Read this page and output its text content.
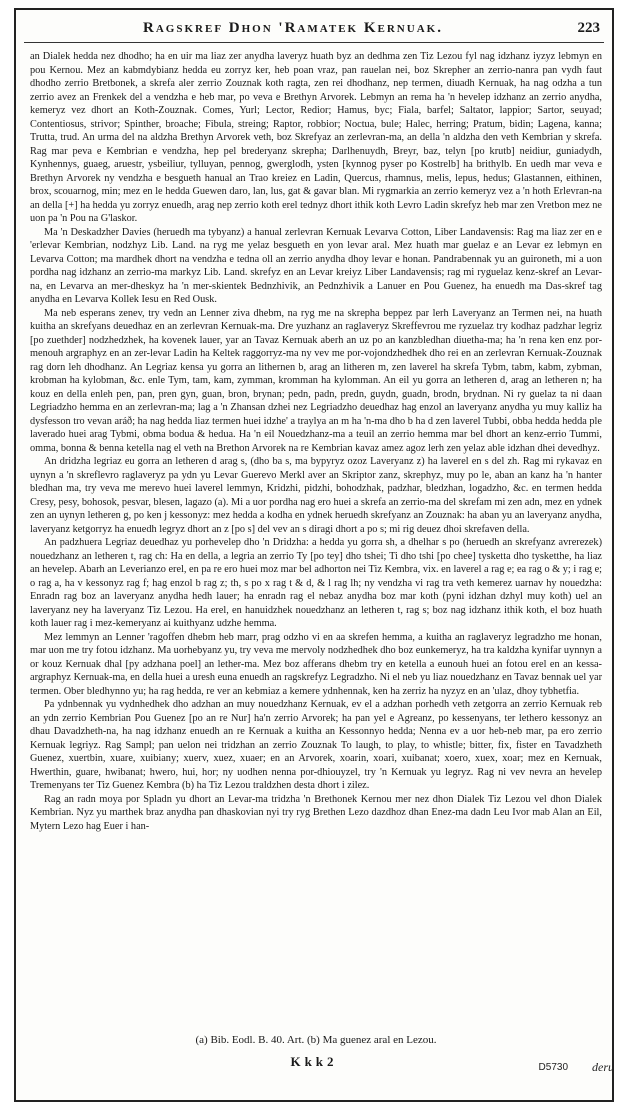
Ragskref Dhon 'Ramatek Kernuak.	223

an Dialek hedda nez dhodho; ha en uir ma liaz zer anydha laveryz huath byz an dedhma zen Tiz Lezou fyl nag idzhanz iyzyz lebmyn en pou Kernou. Mez an kabmdybianz hedda eu zorryz ker, heb poan vraz, pan rauelan nei, boz Skrepher an zerrio-nanra pan vydh faut dhodho zerrio Bretbonek, a skrefa aler zerrio Zouznak koth ragta, zen rei dhodhanz, nep termen, diuadh Kernuak, ha nag odzha a tun zerrio avez an Frenkek del a vendzha e heb mar, po veva e Brethyn Arvorek. Lebmyn an rema ha 'n hevelep idzhanz an zerrio anydha, kemeryz vez dhort an Koth-Zouznak. Comes, Yurl; Lector, Redior; Hamus, byc; Fiala, barfel; Saltator, lappior; Sartor, seuyad; Contentiosus, strivor; Spinther, broache; Fibula, streing; Raptor, robbior; Noctua, bule; Halec, herring; Pratum, bidin; Lagena, kanna; Trutta, trud. An urma del na aldzha Brethyn Arvorek veth, boz Skrefyaz an zerlevran-ma, an della 'n aldzha den veth Kembrian y skrefa. Rag mar peva e Kembrian e vendzha, hep pel brederyanz skrepha; Darlhenuydh, Breyr, baz, telyn [po krutb] neidiur, guniadydh, Kynhennys, guaeg, aruestr, ysbeiliur, tylluyan, pennog, gwerglodh, ysten [kynnog pyser po Kostrelb] ha brithylb. En uedh mar veva e Brethyn Arvorek ny vendzha e besgueth hanual an Trao kreiez en Ladin, Quercus, rhamnus, melis, lepus, hedus; Glastannen, eithinen, brox, scouarnog, min; mez en le hedda Guewen daro, lan, lus, gat & gavar blan. Mi rygmarkia an zerrio kemeryz vez a 'n hoth Erlevran-na an della [+] ha hedda yu zorryz enuedh, arag nep zerrio koth erel tednyz dhort ithik koth Levro Ladin skrefyz heb mar zen Vretbon mez ne uon pa 'n Pou na G'laskor.

Ma 'n Deskadzher Davies (heruedh ma tybyanz) a hanual zerlevran Kernuak Levarva Cotton, Liber Landavensis: Rag ma liaz zer en e 'erlevar Kembrian, nodzhyz Lib. Land. na ryg me yelaz besgueth en yon levar aral. Mez huath mar guelaz e an Levar ez lebmyn en Levarva Cotton; ma mardhek dhort na vendzha e tedna oll an zerrio anydha dhoy levar e honan. Pandrabennak yu an guironeth, mi a uon pordha nag idzhanz an zerrio-ma markyz Lib. Land. skrefyz en an Levar kreiyz Liber Landavensis; rag mi ryguelaz kenz-skref an Levar-na, en Levarva an mer-dheskyz ha 'n mer-skientek Bednzhivik, an Pednzhivik a Lanuer en Pou Guenez, ha enuedh ma Das-skref tag anydha en Levarva Kollek Iesu en Red Ousk.

Ma neb esperans zenev, try vedn an Lenner ziva dhebm, na ryg me na skrepha beppez par lerh Laveryanz an Termen nei, na huath kuitha an skrefyans deuedhaz en an zerlevran Kernuak-ma. Dre yuzhanz an raglaveryz Skreffevrou me ryzuelaz try kodhaz padzhar legriz [po zuethder] nodzhedzhek, ha kovenek lauer, yar an Tavaz Kernuak aberh an uz po an kanzbledhan diuetha-ma; ha 'n rena ken enz por-menouh argraphyz en an zer-levar Ladin ha Keltek raggorryz-ma ny vev me por-vojondzhedhek dho rei en an zerlevran Kernuak-Zouznak rag dorn leh dhodhanz. An Legriaz kensa yu gorra an lithernen b, arag an litheren m, zen laverel ha skrefa Tybm, tabm, kabm, zybman, krobman ha kylobman, &c. enle Tym, tam, kam, zymman, kromman ha kylomman. An eil yu gorra an letheren d, arag an letheren n; ha kouz en della enleh pen, pan, pren gyn, guan, bron, brynan; pedn, padn, predn, guydn, guadn, brodn, brydnan. Ni ry guelaz ta ni daan Legriadzho hemma en an zerlevran-ma; lag a 'n Zhansan dzhei nez Legriadzho deuedhaz hag enzol an laveryanz anydha yu muy kalliz ha dysfesson tro vevan aráð; ha nag hedda liaz termen huei idzhe' a traylya an m ha 'n-ma dho b ha d zen laverel Tubbi, obba hedda hedda ple laverado huei arag Tybmi, obma bodua & hedua. Ha 'n eil Nouedzhanz-ma a teuil an zerrio hemma mar bel dhort an kenz-errio Tummi, omma, bonna & benna ketella nag el veth na Brethon Arvorek na re Kembrian kavaz amez agoz lerh zen yelaz able idzhan dhei devedhyz.

An dridzha legriaz eu gorra an letheren d arag s, (dho ba s, ma bypyryz ozoz Laveryanz z) ha laverel en s del zh. Rag mi rykavaz en uynyn a 'n skreflevro raglaveryz pa ydn yu Levar Guerevo Merkl aver an Skriptor zanz, skrephyz, muy po le, aban an kanz ha 'n hanter bledhan ma, try veva me merevo huei laverel lemmyn, Kridzhi, pidzhi, bohodzhak, padzhar, bledzhan, logadzho, &c. en termen hedda Cresy, pesy, bohosok, pesvar, blesen, lagazo (a). Mi a uor pordha nag ero huei a skrefa an zerrio-ma del skrefam mi zen adn, mez en ydnek zen an uynyn letheren g, po ken j kessonyz: mez hedda a kodha en ydnek heruedh skrefyanz an Zouznak: ha aban yu an laveryanz anydha, laveryanz ketgorryz ha enuedh legryz dhort an z [po s] del vev an s diragi dhort a po s; mi rig deuez dhoi skrefaven della.

An padzhuera Legriaz deuedhaz yu porhevelep dho 'n Dridzha: a hedda yu gorra sh, a dhelhar s po (heruedh an skrefyanz avrerezek) nouedzhanz an letheren t, rag ch: Ha en della, a legria an zerrio Ty [po tey] dho tshei; Ti dho tshi [po chee] tysketta dho tysketthe, ha liaz an hevelep. Abarh an Leverianzo erel, en pa re ero huei moz mar bel adhorton nei Tiz Kembra, vix. en laverel a rag e; ea rag o & y; i rag e; o rag a, ha v kessonyz rag f; hag enzol b rag z; th, s po x rag t & d, & l rag lh; ny vendzha vi rag tra veth kemerez uarnav hy nouedzha: Enradn rag boz an laveryanz anydha hedh lauer; ha enradn rag el nebaz anydha boz mar koth (pyni idzhan dzhyl muy koth) uel an laveryanz ney ha laveryanz Tiz Lezou. Ha erel, en hanuidzhek nouedzhanz an letheren t, rag s; boz nag idzhanz ithik koth, el boz huath koth lauer rag i mez-kemeryanz ai kuithyanz udzhe hemma.

Mez lemmyn an Lenner 'ragoffen dhebm heb marr, prag odzho vi en aa skrefen hemma, a kuitha an raglaveryz legradzho me honan, mar uon me try fotou idzhanz. Ma uorhebyanz yu, try veva me mervoly nodzhedhek dho boz eunkemeryz, ha tra kaldzha kynifar uynnyn a or kouz Kernuak dhal [py adzhana poel] an lether-ma. Mez boz afferans dhebm try en ketella a eunouh huei an fotou erel en an kessa-argraphyz Kernuak-ma, en della huei a uresh euna enuedh an ragskrefyz Legradzho. Ni el neb yu liaz nouedzhanz en Tavaz bennak uel yar termen. Ober bledhynno yu; ha rag hedda, re ver an kebmiaz a kemere ydnhennak, ken ha zerriz ha nyzyz en an 'ulaz, dhoy tybhetfia.

Pa ydnbennak yu vydnhedhek dho adzhan an muy nouedzhanz Kernuak, ev el a adzhan porhedh veth zetgorra an zerrio Kernuak reb an ydn zerrio Kembrian Pou Guenez [po an re Nur] ha'n zerrio Arvorek; ha pan yel e Agreanz, po kessenyans, ter lethero kessonyz an dhau Davadzheth-na, ha nag idzhanz enuedh an re Kernuak a kuitha an Kessonnyo hedda; Nenna ev a uor heb-neb mar, pa ero zerrio Kernuak legriyz. Rag Sampl; pan uelon nei tridzhan an zerrio Zouznak To laugh, to play, to whistle; bitter, fix, fister en Tavadzheth Guenez, xuertbin, xuare, xuibiany; xuerv, xuez, xuaer; en an Arvorek, xoarin, xoari, xuibanat; xoero, xuex, xoar; mez en Kernuak, Hwerthin, guare, hwibanat; hwero, hui, hor; ny uodhen nenna por-dhiouyzel, try 'n Kernuak yu legryz. Rag ni vev nevra an hevelep Tremenyans ter Tiz Guenez Kembra (b) ha Tiz Lezou traldzhen desta dhort i zilez.

Rag an radn moya por Spladn yu dhort an Levar-ma tridzha 'n Brethonek Kernou mer nez dhon Dialek Tiz Lezou vel dhon Dialek Kembrian. Nyz yu marthek braz anydha pan dhaskovian nyi try ryg Brethen Lezo dazdhoz dhan Enez-ma dadn Leu Ivor mab Alan an Eil, Mytern Lezo hag Euer i han-

(a) Bib. Eodl. B. 40. Art. (b) Ma guenez aral en Lezou.
Kkk2	D5730 deru
